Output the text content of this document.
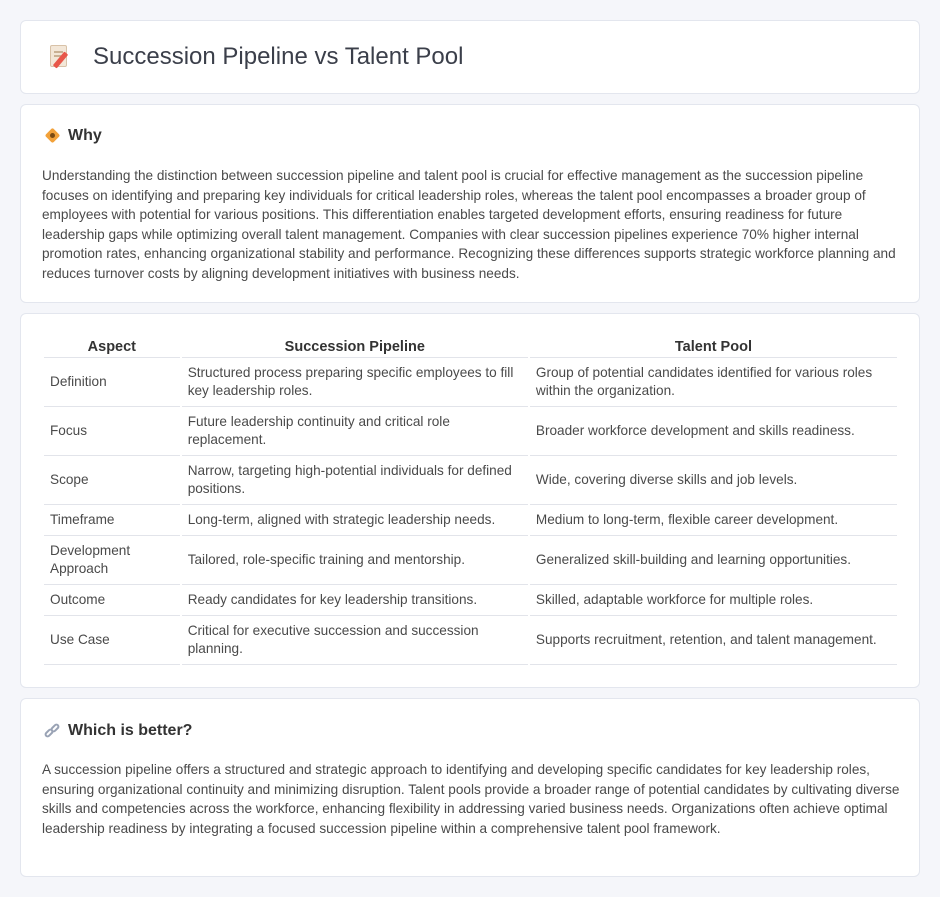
Succession Pipeline vs Talent Pool
Why

Understanding the distinction between succession pipeline and talent pool is crucial for effective management as the succession pipeline focuses on identifying and preparing key individuals for critical leadership roles, whereas the talent pool encompasses a broader group of employees with potential for various positions. This differentiation enables targeted development efforts, ensuring readiness for future leadership gaps while optimizing overall talent management. Companies with clear succession pipelines experience 70% higher internal promotion rates, enhancing organizational stability and performance. Recognizing these differences supports strategic workforce planning and reduces turnover costs by aligning development initiatives with business needs.

Aspect	Succession Pipeline	Talent Pool
Definition	Structured process preparing specific employees to fill key leadership roles.	Group of potential candidates identified for various roles within the organization.
Focus	Future leadership continuity and critical role replacement.	Broader workforce development and skills readiness.
Scope	Narrow, targeting high-potential individuals for defined positions.	Wide, covering diverse skills and job levels.
Timeframe	Long-term, aligned with strategic leadership needs.	Medium to long-term, flexible career development.
Development Approach	Tailored, role-specific training and mentorship.	Generalized skill-building and learning opportunities.
Outcome	Ready candidates for key leadership transitions.	Skilled, adaptable workforce for multiple roles.
Use Case	Critical for executive succession and succession planning.	Supports recruitment, retention, and talent management.
Which is better?

A succession pipeline offers a structured and strategic approach to identifying and developing specific candidates for key leadership roles, ensuring organizational continuity and minimizing disruption. Talent pools provide a broader range of potential candidates by cultivating diverse skills and competencies across the workforce, enhancing flexibility in addressing varied business needs. Organizations often achieve optimal leadership readiness by integrating a focused succession pipeline within a comprehensive talent pool framework.
